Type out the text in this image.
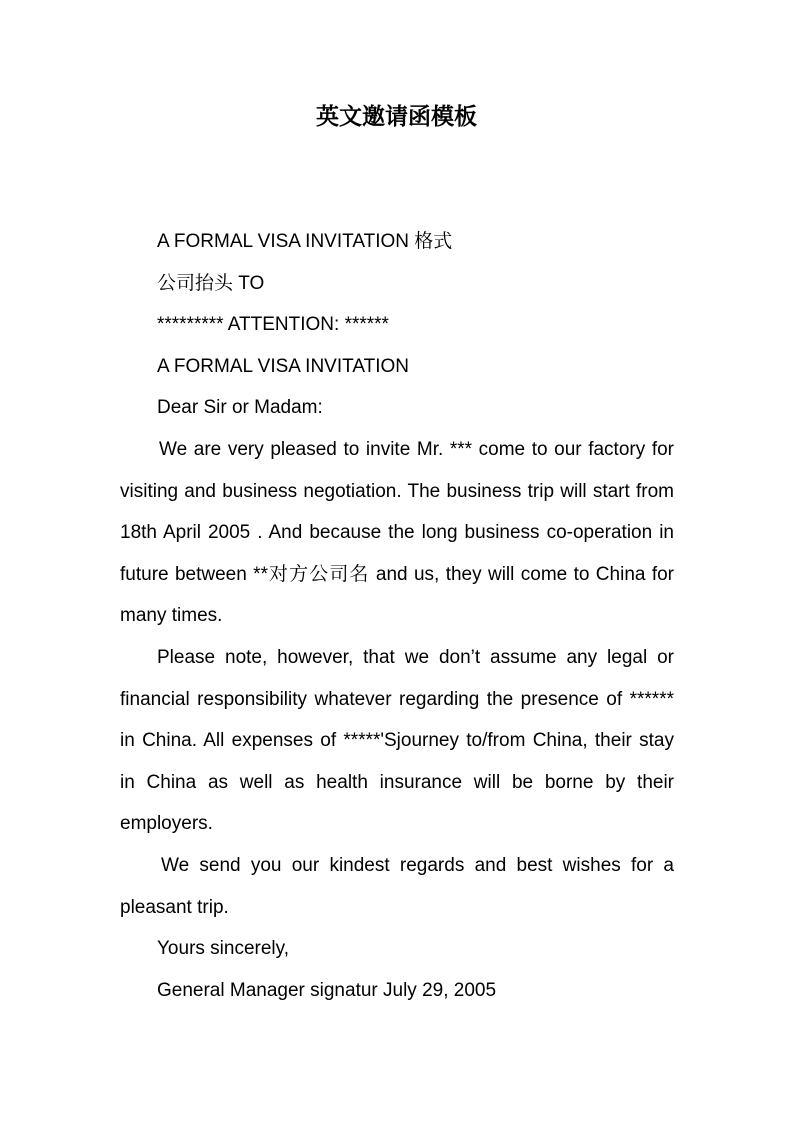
英文邀请函模板

A FORMAL VISA INVITATION 格式

公司抬头 TO

********* ATTENTION: ******

A FORMAL VISA INVITATION

Dear Sir or Madam:

We are very pleased to invite Mr. *** come to our factory for visiting and business negotiation. The business trip will start from 18th April 2005 . And because the long business co-operation in future between **对方公司名 and us, they will come to China for many times.

Please note, however, that we don’t assume any legal or financial responsibility whatever regarding the presence of ****** in China. All expenses of *****'Sjourney to/from China, their stay in China as well as health insurance will be borne by their employers.

We send you our kindest regards and best wishes for a pleasant trip.

Yours sincerely,

General Manager signatur July 29, 2005
